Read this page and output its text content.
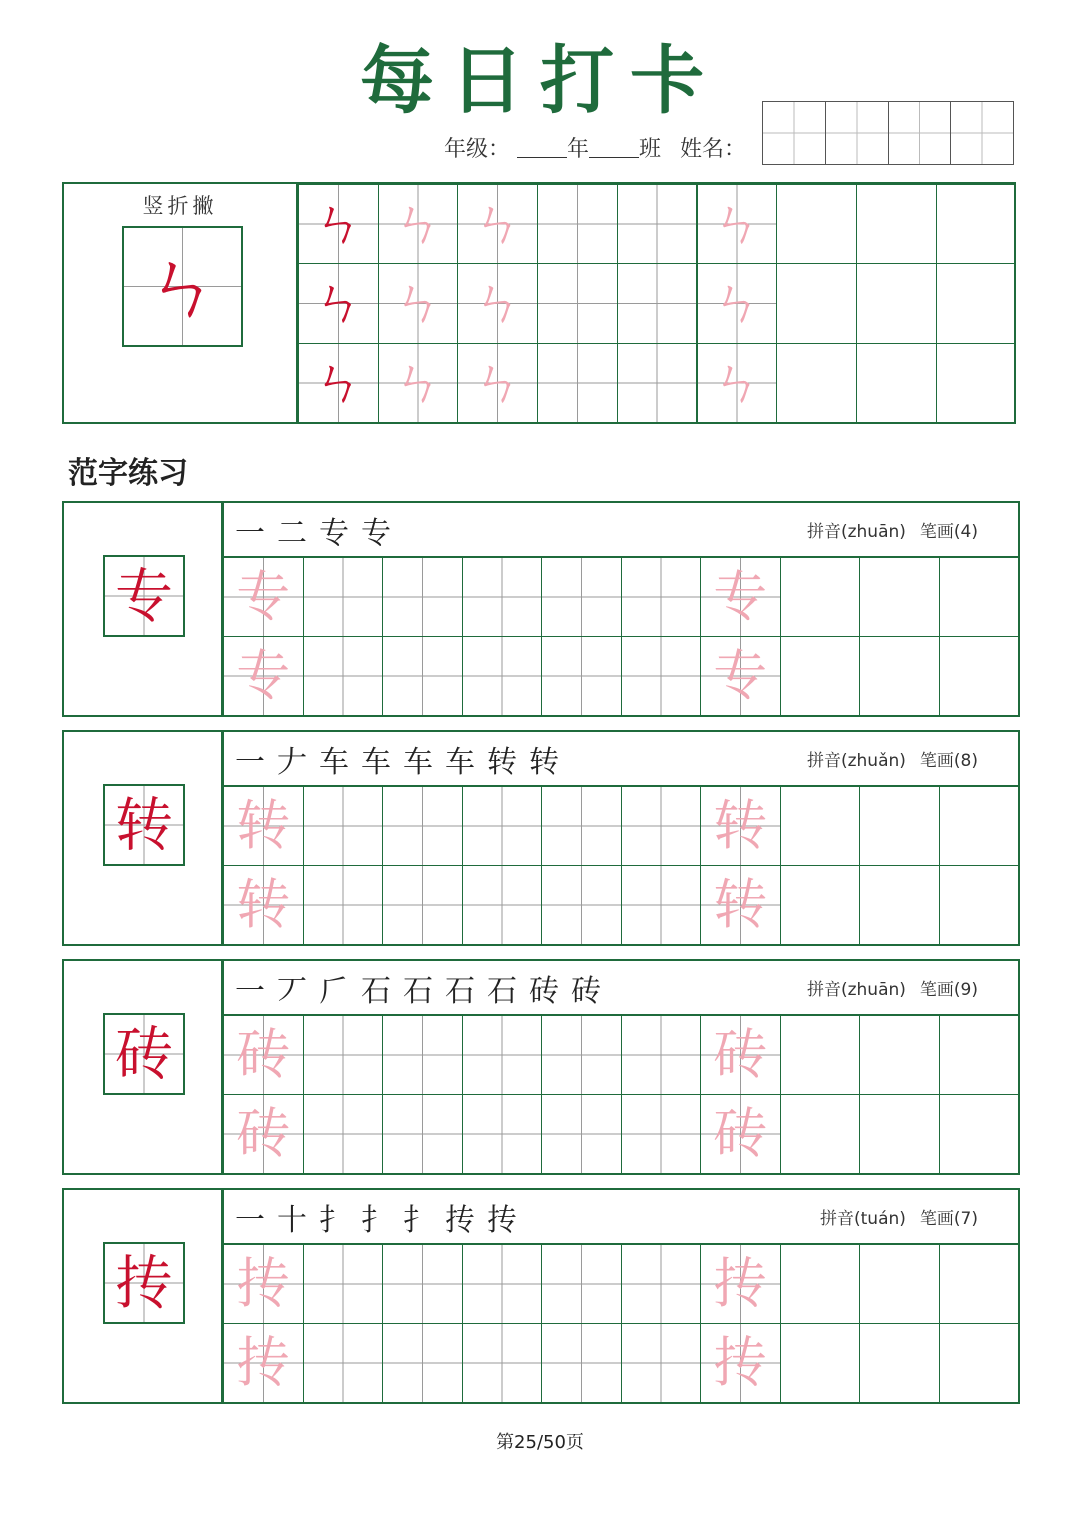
每日打卡
年级：	年 班 姓名：
竖折撇
ㄣ
ㄣ ㄣ ㄣ	ㄣ
ㄣ ㄣ ㄣ	ㄣ
ㄣ ㄣ ㄣ	ㄣ
范字练习
专
一 二 专 专	拼音(zhuān) 笔画(4)
专	专
专	专
转
一 𠂇 车 车 车 车 转 转	拼音(zhuǎn) 笔画(8)
转	转
转	转
砖
一 丆 𠂆 石 石 石 石 砖 砖	拼音(zhuān) 笔画(9)
砖	砖
砖	砖
抟
一 十 扌 扌 扌 抟 抟	拼音(tuán) 笔画(7)
抟	抟
抟	抟
第25/50页
